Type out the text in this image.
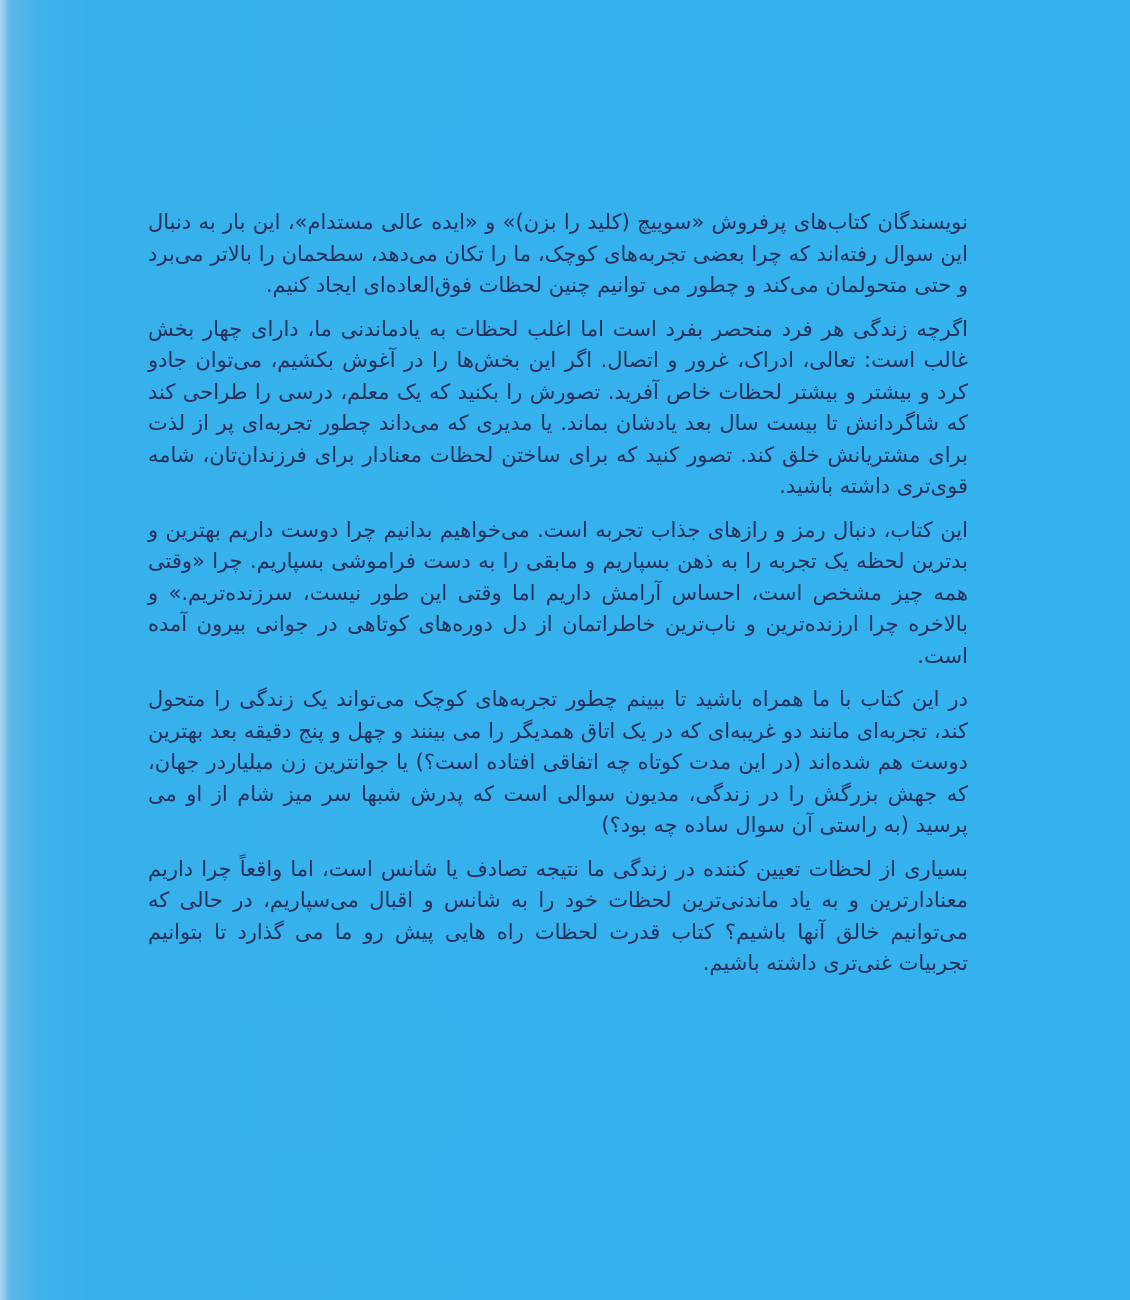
نویسندگان کتاب‌های پرفروش «سوییچ (کلید را بزن)» و «ایده عالی مستدام»، این بار به دنبال این سوال رفته‌اند که چرا بعضی تجربه‌های کوچک، ما را تکان می‌دهد، سطحمان را بالاتر می‌برد و حتی متحولمان می‌کند و چطور می توانیم چنین لحظات فوق‌العاده‌ای ایجاد کنیم.

اگرچه زندگی هر فرد منحصر بفرد است اما اغلب لحظات به یادماندنی ما، دارای چهار بخش غالب است: تعالی، ادراک، غرور و اتصال. اگر این بخش‌ها را در آغوش بکشیم، می‌توان جادو کرد و بیشتر و بیشتر لحظات خاص آفرید. تصورش را بکنید که یک معلم، درسی را طراحی کند که شاگردانش تا بیست سال بعد یادشان بماند. یا مدیری که می‌داند چطور تجربه‌ای پر از لذت برای مشتریانش خلق کند. تصور کنید که برای ساختن لحظات معنادار برای فرزندان‌تان، شامه قوی‌تری داشته باشید.

این کتاب، دنبال رمز و رازهای جذاب تجربه است. می‌خواهیم بدانیم چرا دوست داریم بهترین و بدترین لحظه یک تجربه را به ذهن بسپاریم و مابقی را به دست فراموشی بسپاریم. چرا «وقتی همه چیز مشخص است، احساس آرامش داریم اما وقتی این طور نیست، سرزنده‌تریم.» و بالاخره چرا ارزنده‌ترین و ناب‌ترین خاطراتمان از دل دوره‌های کوتاهی در جوانی بیرون آمده است.

در این کتاب با ما همراه باشید تا ببینم چطور تجربه‌های کوچک می‌تواند یک زندگی را متحول کند، تجربه‌ای مانند دو غریبه‌ای که در یک اتاق همدیگر را می بینند و چهل و پنج دقیقه بعد بهترین دوست هم شده‌اند (در این مدت کوتاه چه اتفاقی افتاده است؟) یا جوانترین زن میلیاردر جهان، که جهش بزرگش را در زندگی، مدیون سوالی است که پدرش شبها سر میز شام از او می پرسید (به راستی آن سوال ساده چه بود؟)

بسیاری از لحظات تعیین کننده در زندگی ما نتیجه تصادف یا شانس است، اما واقعاً چرا داریم معنادارترین و به یاد ماندنی‌ترین لحظات خود را به شانس و اقبال می‌سپاریم، در حالی که می‌توانیم خالق آنها باشیم؟ کتاب قدرت لحظات راه هایی پیش رو ما می گذارد تا بتوانیم تجربیات غنی‌تری داشته باشیم.
